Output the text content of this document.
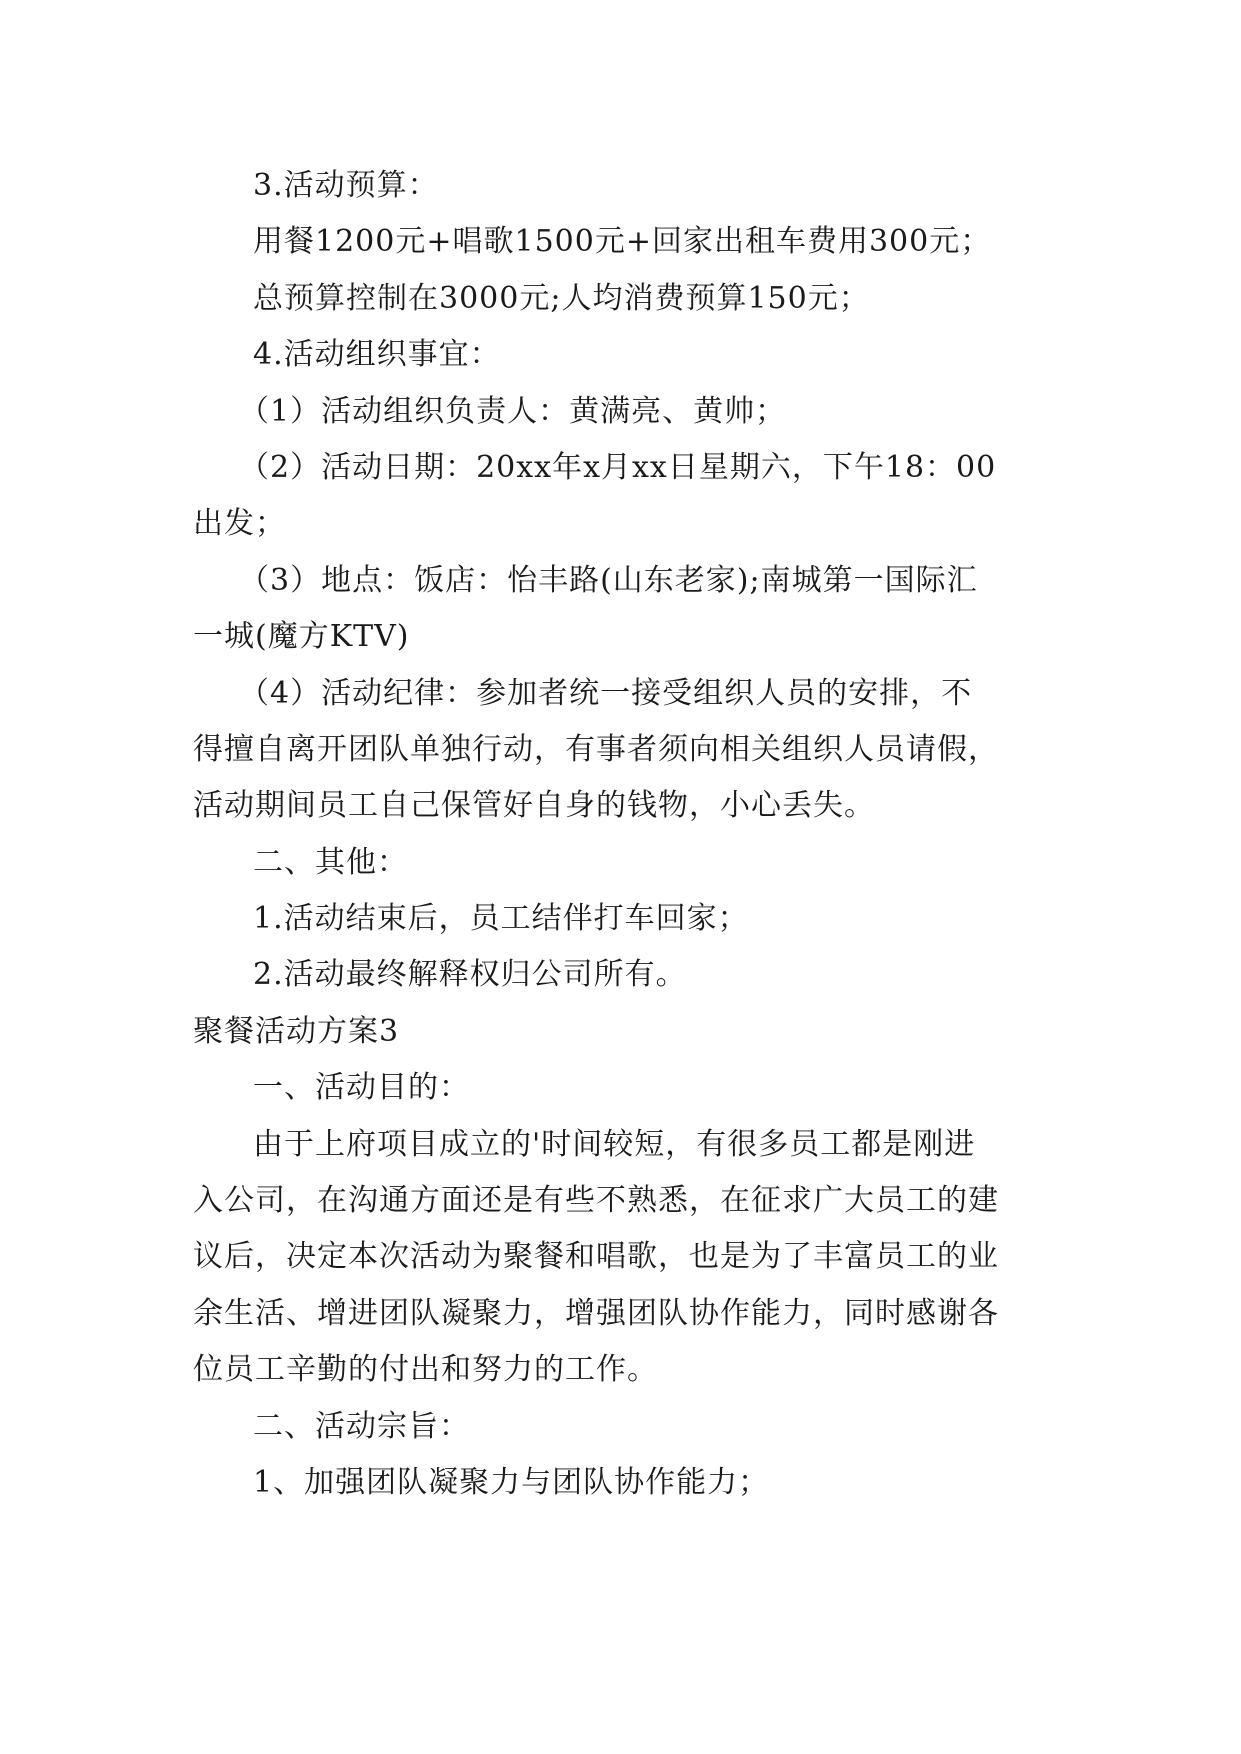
3.活动预算：
用餐1200元+唱歌1500元+回家出租车费用300元；
总预算控制在3000元;人均消费预算150元；
4.活动组织事宜：
（1）活动组织负责人：黄满亮、黄帅；
（2）活动日期：20xx年x月xx日星期六，下午18：00
出发；
（3）地点：饭店：怡丰路(山东老家);南城第一国际汇
一城(魔方KTV)
（4）活动纪律：参加者统一接受组织人员的安排，不
得擅自离开团队单独行动，有事者须向相关组织人员请假，
活动期间员工自己保管好自身的钱物，小心丢失。
二、其他：
1.活动结束后，员工结伴打车回家；
2.活动最终解释权归公司所有。
聚餐活动方案3
一、活动目的：
由于上府项目成立的'时间较短，有很多员工都是刚进
入公司，在沟通方面还是有些不熟悉，在征求广大员工的建
议后，决定本次活动为聚餐和唱歌，也是为了丰富员工的业
余生活、增进团队凝聚力，增强团队协作能力，同时感谢各
位员工辛勤的付出和努力的工作。
二、活动宗旨：
1、加强团队凝聚力与团队协作能力；
